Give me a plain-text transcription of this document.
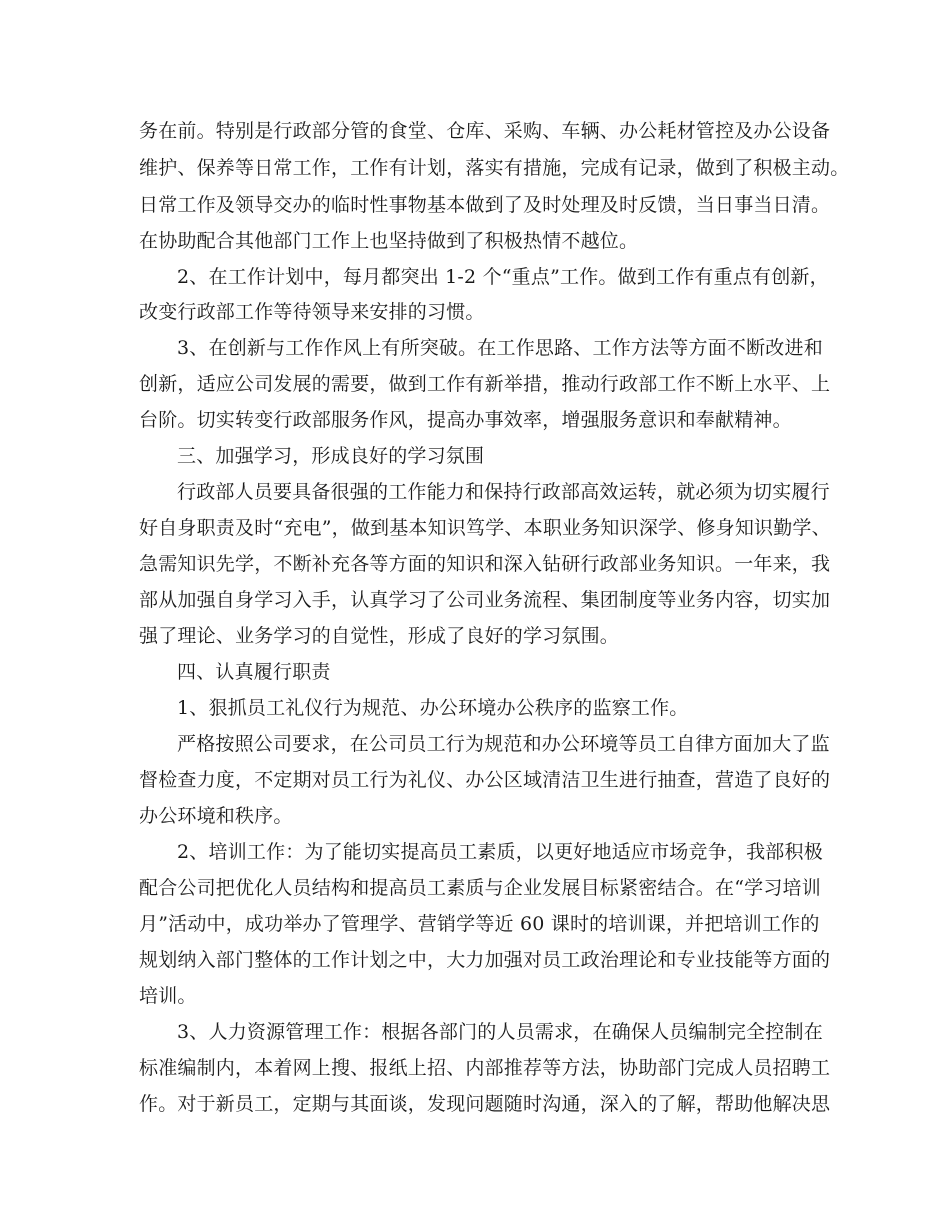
务在前。特别是行政部分管的食堂、仓库、采购、车辆、办公耗材管控及办公设备
维护、保养等日常工作，工作有计划，落实有措施，完成有记录，做到了积极主动。
日常工作及领导交办的临时性事物基本做到了及时处理及时反馈，当日事当日清。
在协助配合其他部门工作上也坚持做到了积极热情不越位。
2、在工作计划中，每月都突出 1-2 个“重点”工作。做到工作有重点有创新，
改变行政部工作等待领导来安排的习惯。
3、在创新与工作作风上有所突破。在工作思路、工作方法等方面不断改进和
创新，适应公司发展的需要，做到工作有新举措，推动行政部工作不断上水平、上
台阶。切实转变行政部服务作风，提高办事效率，增强服务意识和奉献精神。
三、加强学习，形成良好的学习氛围
行政部人员要具备很强的工作能力和保持行政部高效运转，就必须为切实履行
好自身职责及时“充电”，做到基本知识笃学、本职业务知识深学、修身知识勤学、
急需知识先学，不断补充各等方面的知识和深入钻研行政部业务知识。一年来，我
部从加强自身学习入手，认真学习了公司业务流程、集团制度等业务内容，切实加
强了理论、业务学习的自觉性，形成了良好的学习氛围。
四、认真履行职责
1、狠抓员工礼仪行为规范、办公环境办公秩序的监察工作。
严格按照公司要求，在公司员工行为规范和办公环境等员工自律方面加大了监
督检查力度，不定期对员工行为礼仪、办公区域清洁卫生进行抽查，营造了良好的
办公环境和秩序。
2、培训工作：为了能切实提高员工素质，以更好地适应市场竞争，我部积极
配合公司把优化人员结构和提高员工素质与企业发展目标紧密结合。在“学习培训
月”活动中，成功举办了管理学、营销学等近 60 课时的培训课，并把培训工作的
规划纳入部门整体的工作计划之中，大力加强对员工政治理论和专业技能等方面的
培训。
3、人力资源管理工作：根据各部门的人员需求，在确保人员编制完全控制在
标准编制内，本着网上搜、报纸上招、内部推荐等方法，协助部门完成人员招聘工
作。对于新员工，定期与其面谈，发现问题随时沟通，深入的了解，帮助他解决思
